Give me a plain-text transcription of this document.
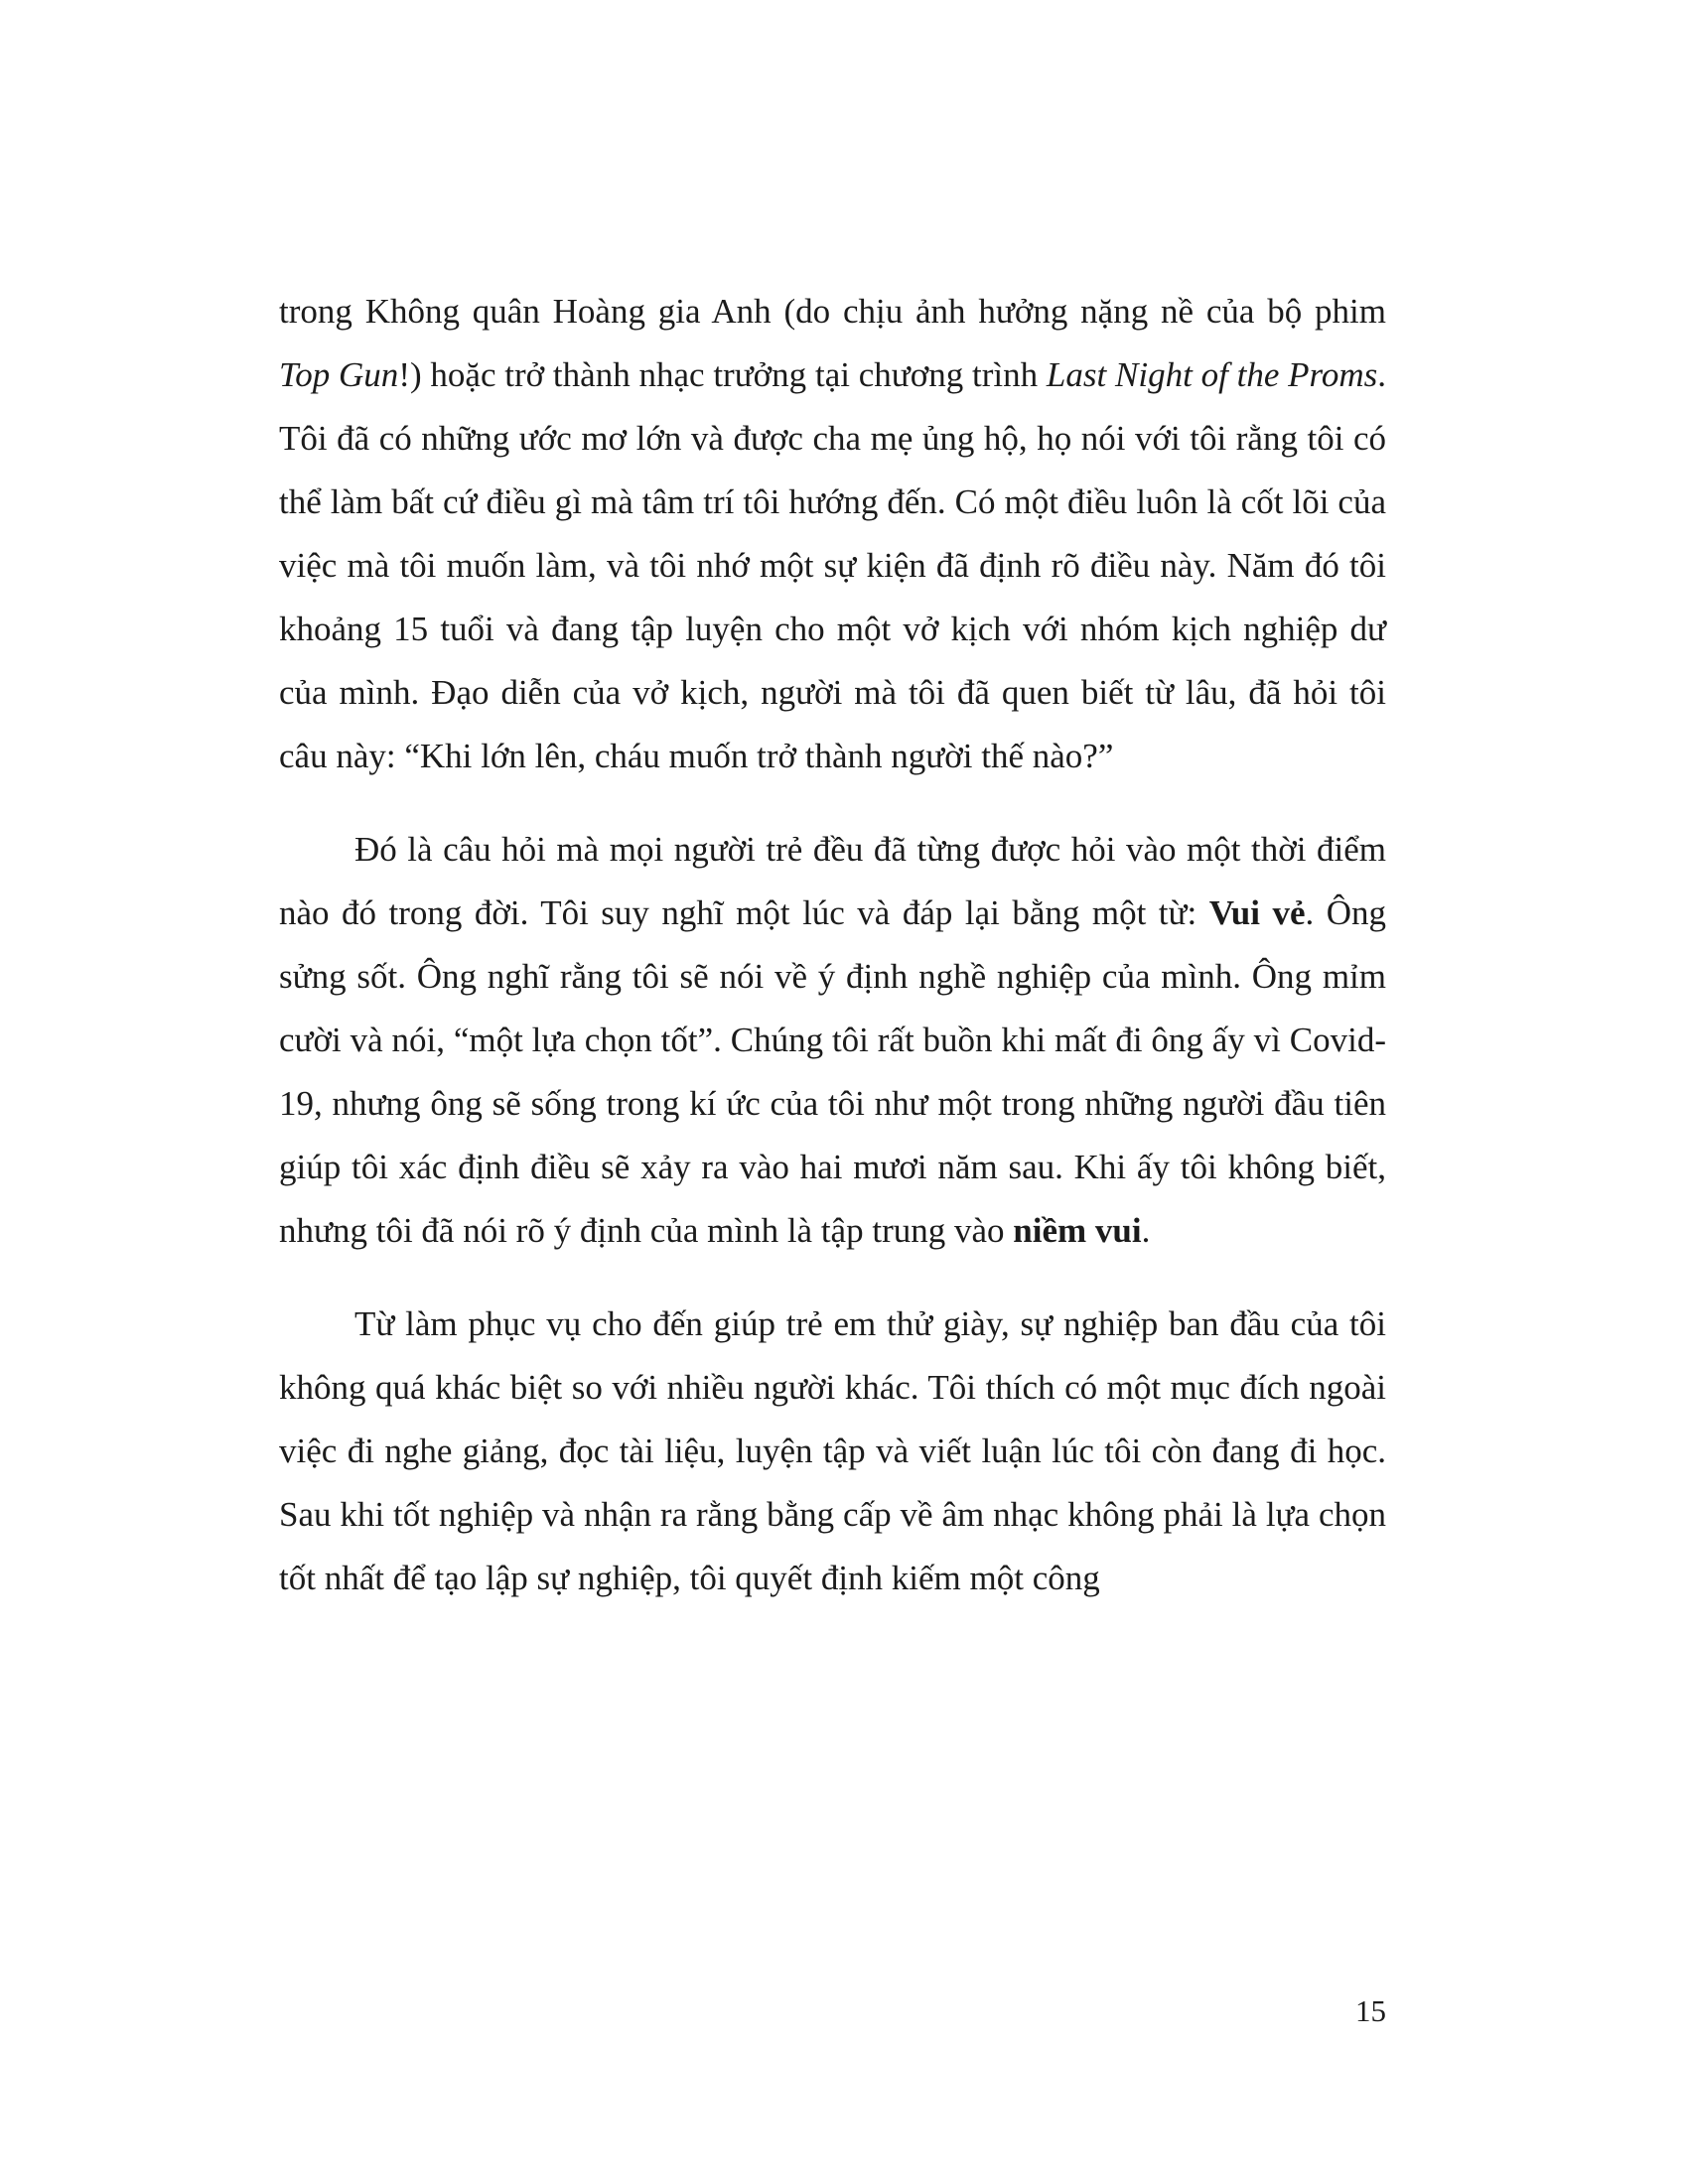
trong Không quân Hoàng gia Anh (do chịu ảnh hưởng nặng nề của bộ phim Top Gun!) hoặc trở thành nhạc trưởng tại chương trình Last Night of the Proms. Tôi đã có những ước mơ lớn và được cha mẹ ủng hộ, họ nói với tôi rằng tôi có thể làm bất cứ điều gì mà tâm trí tôi hướng đến. Có một điều luôn là cốt lõi của việc mà tôi muốn làm, và tôi nhớ một sự kiện đã định rõ điều này. Năm đó tôi khoảng 15 tuổi và đang tập luyện cho một vở kịch với nhóm kịch nghiệp dư của mình. Đạo diễn của vở kịch, người mà tôi đã quen biết từ lâu, đã hỏi tôi câu này: “Khi lớn lên, cháu muốn trở thành người thế nào?”

Đó là câu hỏi mà mọi người trẻ đều đã từng được hỏi vào một thời điểm nào đó trong đời. Tôi suy nghĩ một lúc và đáp lại bằng một từ: Vui vẻ. Ông sửng sốt. Ông nghĩ rằng tôi sẽ nói về ý định nghề nghiệp của mình. Ông mỉm cười và nói, “một lựa chọn tốt”. Chúng tôi rất buồn khi mất đi ông ấy vì Covid-19, nhưng ông sẽ sống trong kí ức của tôi như một trong những người đầu tiên giúp tôi xác định điều sẽ xảy ra vào hai mươi năm sau. Khi ấy tôi không biết, nhưng tôi đã nói rõ ý định của mình là tập trung vào niềm vui.

Từ làm phục vụ cho đến giúp trẻ em thử giày, sự nghiệp ban đầu của tôi không quá khác biệt so với nhiều người khác. Tôi thích có một mục đích ngoài việc đi nghe giảng, đọc tài liệu, luyện tập và viết luận lúc tôi còn đang đi học. Sau khi tốt nghiệp và nhận ra rằng bằng cấp về âm nhạc không phải là lựa chọn tốt nhất để tạo lập sự nghiệp, tôi quyết định kiếm một công

15
